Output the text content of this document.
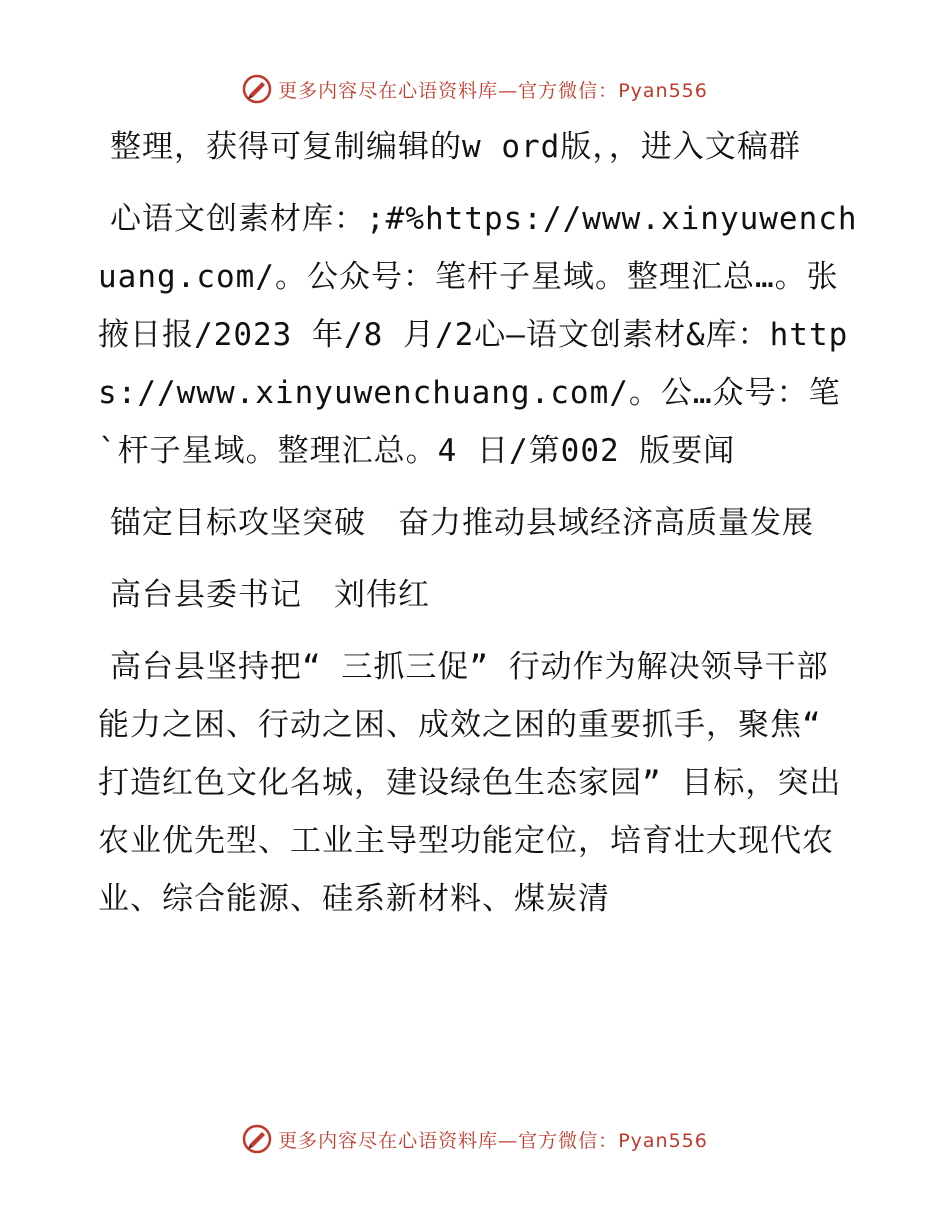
更多内容尽在心语资料库—官方微信：Pyan556

整理，获得可复制编辑的w ord版，，进入文稿群

心语文创素材库：;#%https://www.xinyuwenchuang.com/。公众号：笔杆子星域。整理汇总…。张掖日报/2023 年/8 月/2心—语文创素材&库：https://www.xinyuwenchuang.com/。公…众号：笔`杆子星域。整理汇总。4 日/第002 版要闻

锚定目标攻坚突破　奋力推动县域经济高质量发展

高台县委书记　刘伟红

高台县坚持把“ 三抓三促” 行动作为解决领导干部能力之困、行动之困、成效之困的重要抓手，聚焦“ 打造红色文化名城，建设绿色生态家园” 目标，突出农业优先型、工业主导型功能定位，培育壮大现代农业、综合能源、硅系新材料、煤炭清

更多内容尽在心语资料库—官方微信：Pyan556
